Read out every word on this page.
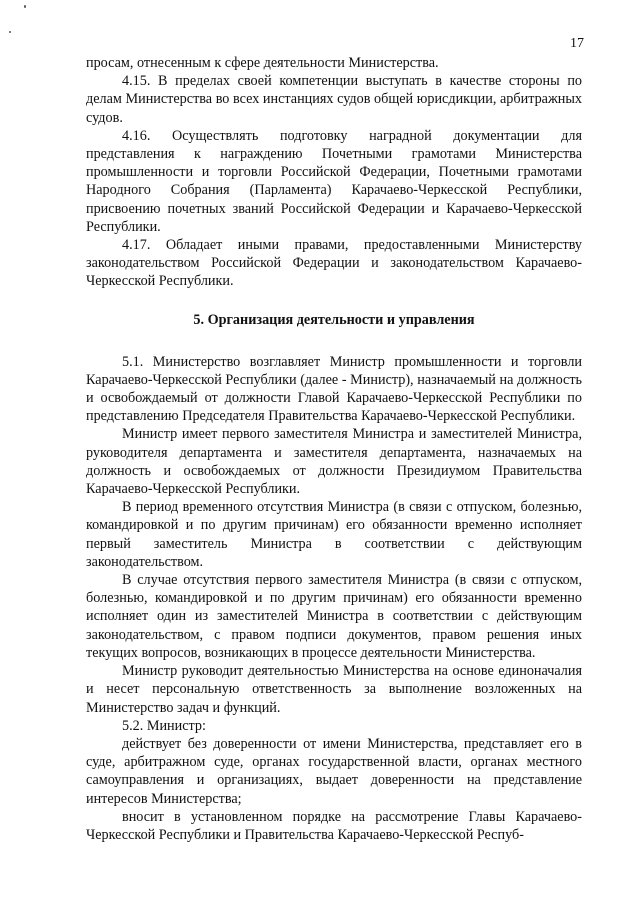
17

просам, отнесенным к сфере деятельности Министерства.

4.15. В пределах своей компетенции выступать в качестве стороны по делам Министерства во всех инстанциях судов общей юрисдикции, арбитражных судов.

4.16. Осуществлять подготовку наградной документации для представления к награждению Почетными грамотами Министерства промышленности и торговли Российской Федерации, Почетными грамотами Народного Собрания (Парламента) Карачаево-Черкесской Республики, присвоению почетных званий Российской Федерации и Карачаево-Черкесской Республики.

4.17. Обладает иными правами, предоставленными Министерству законодательством Российской Федерации и законодательством Карачаево-Черкесской Республики.

5. Организация деятельности и управления

5.1. Министерство возглавляет Министр промышленности и торговли Карачаево-Черкесской Республики (далее - Министр), назначаемый на должность и освобождаемый от должности Главой Карачаево-Черкесской Республики по представлению Председателя Правительства Карачаево-Черкесской Республики.

Министр имеет первого заместителя Министра и заместителей Министра, руководителя департамента и заместителя департамента, назначаемых на должность и освобождаемых от должности Президиумом Правительства Карачаево-Черкесской Республики.

В период временного отсутствия Министра (в связи с отпуском, болезнью, командировкой и по другим причинам) его обязанности временно исполняет первый заместитель Министра в соответствии с действующим законодательством.

В случае отсутствия первого заместителя Министра (в связи с отпуском, болезнью, командировкой и по другим причинам) его обязанности временно исполняет один из заместителей Министра в соответствии с действующим законодательством, с правом подписи документов, правом решения иных текущих вопросов, возникающих в процессе деятельности Министерства.

Министр руководит деятельностью Министерства на основе единоначалия и несет персональную ответственность за выполнение возложенных на Министерство задач и функций.

5.2. Министр:

действует без доверенности от имени Министерства, представляет его в суде, арбитражном суде, органах государственной власти, органах местного самоуправления и организациях, выдает доверенности на представление интересов Министерства;

вносит в установленном порядке на рассмотрение Главы Карачаево-Черкесской Республики и Правительства Карачаево-Черкесской Респуб-
